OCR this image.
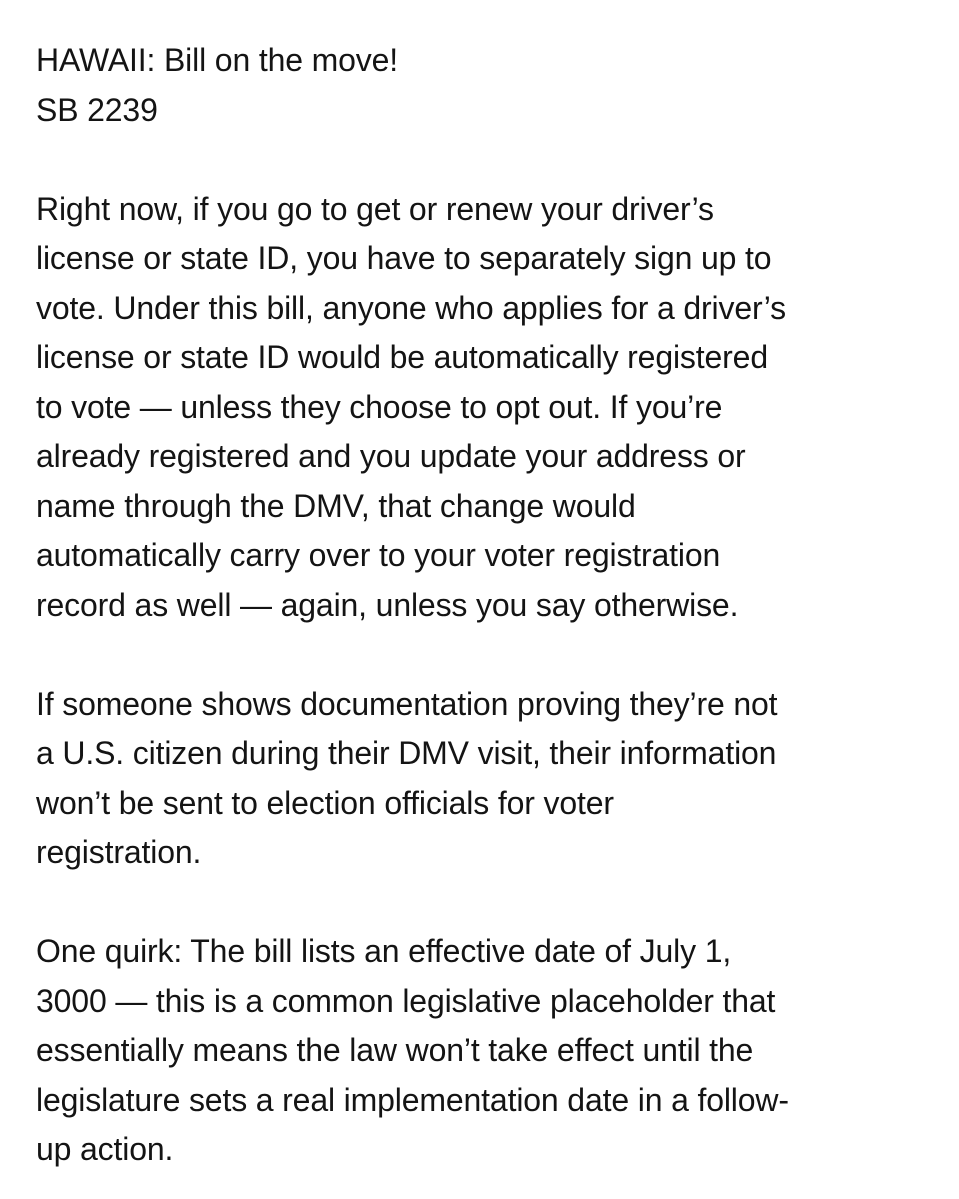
HAWAII: Bill on the move!
SB 2239
Right now, if you go to get or renew your driver’s
license or state ID, you have to separately sign up to
vote. Under this bill, anyone who applies for a driver’s
license or state ID would be automatically registered
to vote — unless they choose to opt out. If you’re
already registered and you update your address or
name through the DMV, that change would
automatically carry over to your voter registration
record as well — again, unless you say otherwise.
If someone shows documentation proving they’re not
a U.S. citizen during their DMV visit, their information
won’t be sent to election officials for voter
registration.
One quirk: The bill lists an effective date of July 1,
3000 — this is a common legislative placeholder that
essentially means the law won’t take effect until the
legislature sets a real implementation date in a follow-
up action.
